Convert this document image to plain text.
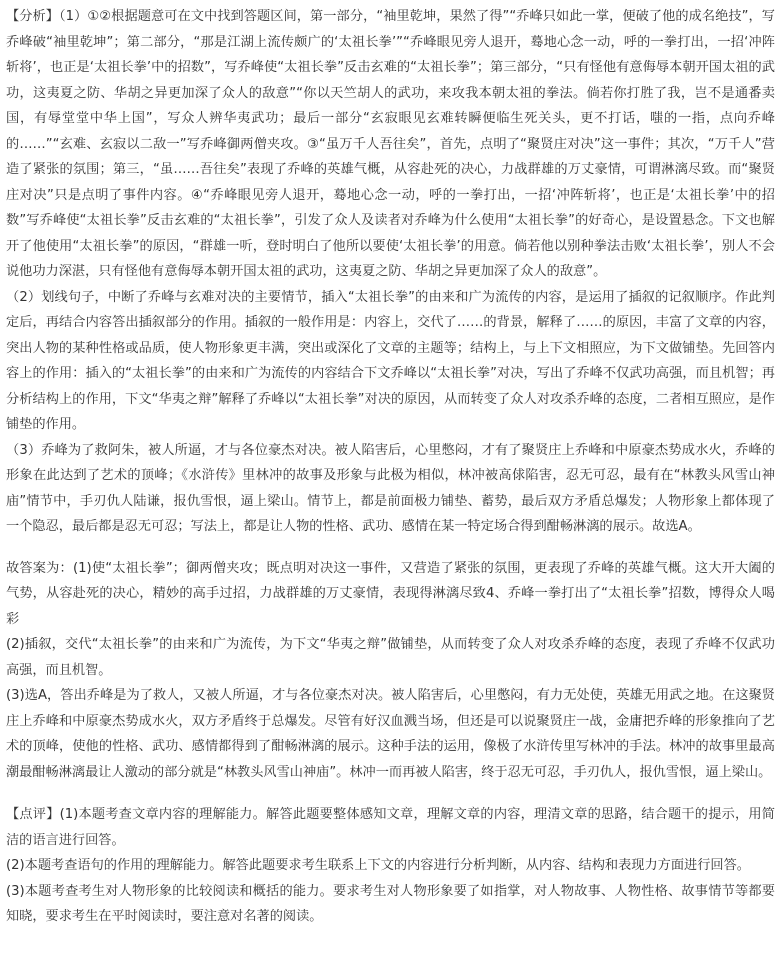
【分析】（1）①②根据题意可在文中找到答题区间，第一部分，“袖里乾坤，果然了得”“乔峰只如此一掌，便破了他的成名绝技”，写乔峰破“袖里乾坤”；第二部分，“那是江湖上流传颇广的‘太祖长拳’”“乔峰眼见旁人退开，蓦地心念一动，呼的一拳打出，一招‘冲阵斩将’，也正是‘太祖长拳’中的招数”，写乔峰使“太祖长拳”反击玄难的“太祖长拳”；第三部分，“只有怪他有意侮辱本朝开国太祖的武功，这夷夏之防、华胡之异更加深了众人的敌意”“你以天竺胡人的武功，来攻我本朝太祖的拳法。倘若你打胜了我，岂不是通番卖国，有辱堂堂中华上国”，写众人辨华夷武功；最后一部分“玄寂眼见玄难转瞬便临生死关头，更不打话，嗤的一指，点向乔峰的……”“玄难、玄寂以二敌一”写乔峰御两僧夹攻。③“虽万千人吾往矣”，首先，点明了“聚贤庄对决”这一事件；其次，“万千人”营造了紧张的氛围；第三，“虽……吾往矣”表现了乔峰的英雄气概，从容赴死的决心，力战群雄的万丈豪情，可谓淋漓尽致。而“聚贤庄对决”只是点明了事件内容。④“乔峰眼见旁人退开，蓦地心念一动，呼的一拳打出，一招‘冲阵斩将’，也正是‘太祖长拳’中的招数”写乔峰使“太祖长拳”反击玄难的“太祖长拳”，引发了众人及读者对乔峰为什么使用“太祖长拳”的好奇心，是设置悬念。下文也解开了他使用“太祖长拳”的原因，“群雄一听，登时明白了他所以要使‘太祖长拳’的用意。倘若他以别种拳法击败‘太祖长拳’，别人不会说他功力深湛，只有怪他有意侮辱本朝开国太祖的武功，这夷夏之防、华胡之异更加深了众人的敌意”。

（2）划线句子，中断了乔峰与玄难对决的主要情节，插入“太祖长拳”的由来和广为流传的内容，是运用了插叙的记叙顺序。作此判定后，再结合内容答出插叙部分的作用。插叙的一般作用是：内容上，交代了……的背景，解释了……的原因，丰富了文章的内容，突出人物的某种性格或品质，使人物形象更丰满，突出或深化了文章的主题等；结构上，与上下文相照应，为下文做铺垫。先回答内容上的作用：插入的“太祖长拳”的由来和广为流传的内容结合下文乔峰以“太祖长拳”对决，写出了乔峰不仅武功高强，而且机智；再分析结构上的作用，下文“华夷之辩”解释了乔峰以“太祖长拳”对决的原因，从而转变了众人对攻杀乔峰的态度，二者相互照应，是作铺垫的作用。

（3）乔峰为了救阿朱，被人所逼，才与各位豪杰对决。被人陷害后，心里憋闷，才有了聚贤庄上乔峰和中原豪杰势成水火，乔峰的形象在此达到了艺术的顶峰；《水浒传》里林冲的故事及形象与此极为相似，林冲被高俅陷害，忍无可忍，最有在“林教头风雪山神庙”情节中，手刃仇人陆谦，报仇雪恨，逼上梁山。情节上，都是前面极力铺垫、蓄势，最后双方矛盾总爆发；人物形象上都体现了一个隐忍，最后都是忍无可忍；写法上，都是让人物的性格、武功、感情在某一特定场合得到酣畅淋漓的展示。故选A。

故答案为：(1)使“太祖长拳”；御两僧夹攻；既点明对决这一事件，又营造了紧张的氛围，更表现了乔峰的英雄气概。这大开大阖的气势，从容赴死的决心，精妙的高手过招，力战群雄的万丈豪情，表现得淋漓尽致4、乔峰一拳打出了“太祖长拳”招数，博得众人喝彩

(2)插叙，交代“太祖长拳”的由来和广为流传，为下文“华夷之辩”做铺垫，从而转变了众人对攻杀乔峰的态度，表现了乔峰不仅武功高强，而且机智。

(3)选A，答出乔峰是为了救人，又被人所逼，才与各位豪杰对决。被人陷害后，心里憋闷，有力无处使，英雄无用武之地。在这聚贤庄上乔峰和中原豪杰势成水火，双方矛盾终于总爆发。尽管有好汉血溅当场，但还是可以说聚贤庄一战，金庸把乔峰的形象推向了艺术的顶峰，使他的性格、武功、感情都得到了酣畅淋漓的展示。这种手法的运用，像极了水浒传里写林冲的手法。林冲的故事里最高潮最酣畅淋漓最让人激动的部分就是“林教头风雪山神庙”。林冲一而再被人陷害，终于忍无可忍，手刃仇人，报仇雪恨，逼上梁山。

【点评】(1)本题考查文章内容的理解能力。解答此题要整体感知文章，理解文章的内容，理清文章的思路，结合题干的提示，用简洁的语言进行回答。

(2)本题考查语句的作用的理解能力。解答此题要求考生联系上下文的内容进行分析判断，从内容、结构和表现力方面进行回答。

(3)本题考查考生对人物形象的比较阅读和概括的能力。要求考生对人物形象要了如指掌，对人物故事、人物性格、故事情节等都要知晓，要求考生在平时阅读时，要注意对名著的阅读。
